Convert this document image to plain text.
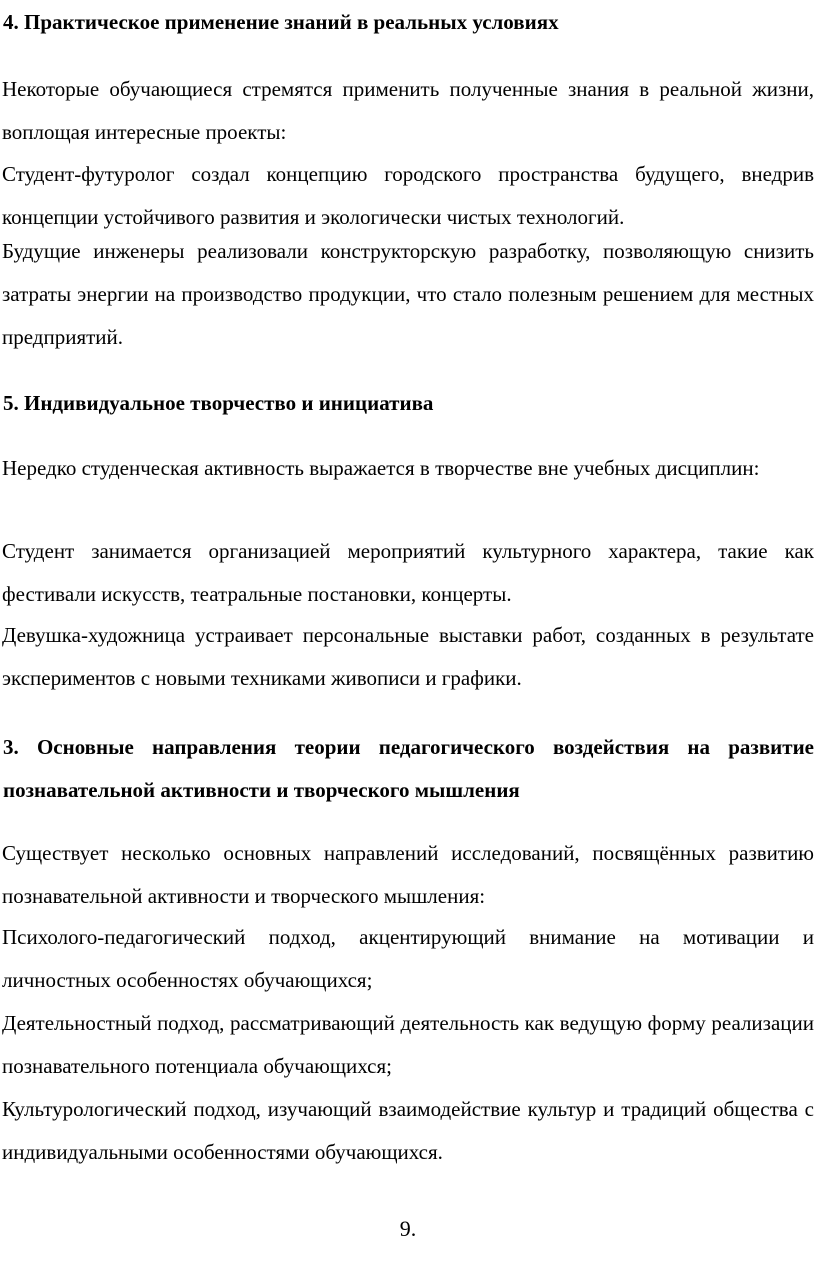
4. Практическое применение знаний в реальных условиях

Некоторые обучающиеся стремятся применить полученные знания в реальной жизни, воплощая интересные проекты:

Студент-футуролог создал концепцию городского пространства будущего, внедрив концепции устойчивого развития и экологически чистых технологий.

Будущие инженеры реализовали конструкторскую разработку, позволяющую снизить затраты энергии на производство продукции, что стало полезным решением для местных предприятий.

5. Индивидуальное творчество и инициатива

Нередко студенческая активность выражается в творчестве вне учебных дисциплин:

Студент занимается организацией мероприятий культурного характера, такие как фестивали искусств, театральные постановки, концерты.

Девушка-художница устраивает персональные выставки работ, созданных в результате экспериментов с новыми техниками живописи и графики.

3. Основные направления теории педагогического воздействия на развитие познавательной активности и творческого мышления

Существует несколько основных направлений исследований, посвящённых развитию познавательной активности и творческого мышления:

Психолого-педагогический подход, акцентирующий внимание на мотивации и личностных особенностях обучающихся;

Деятельностный подход, рассматривающий деятельность как ведущую форму реализации познавательного потенциала обучающихся;

Культурологический подход, изучающий взаимодействие культур и традиций общества с индивидуальными особенностями обучающихся.

9.
